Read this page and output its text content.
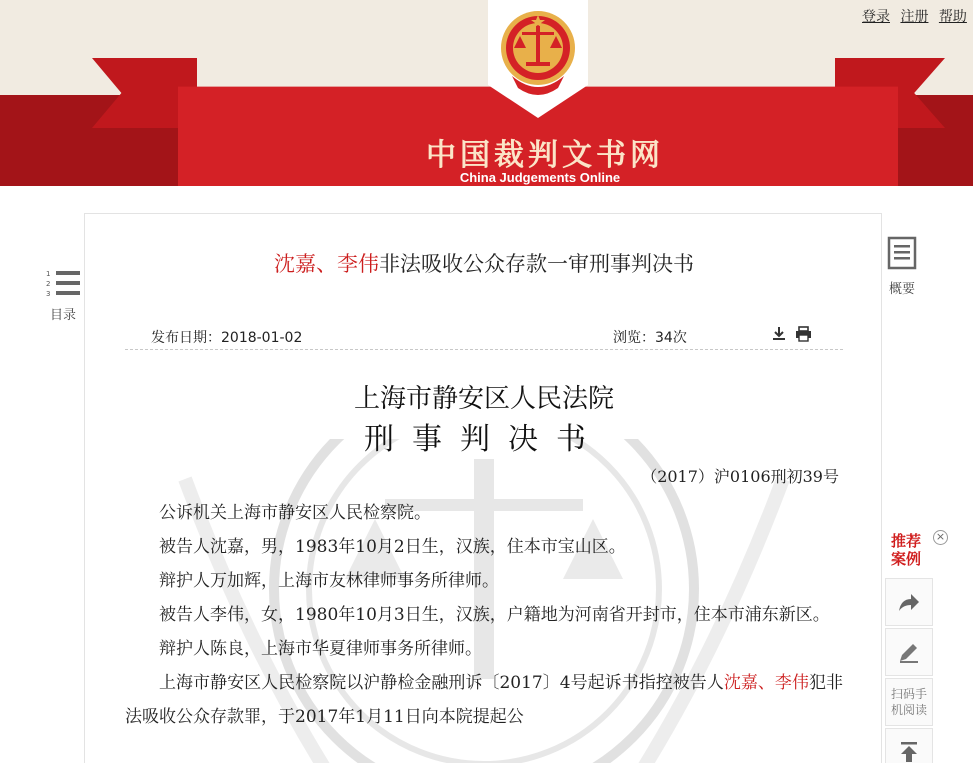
中国裁判文书网
China Judgements Online
登录 注册 帮助
1
2
3
目录
沈嘉、李伟非法吸收公众存款一审刑事判决书
发布日期：2018-01-02	浏览：34次
上海市静安区人民法院
刑事判决书
（2017）沪0106刑初39号

公诉机关上海市静安区人民检察院。

被告人沈嘉，男，1983年10月2日生，汉族，住本市宝山区。

辩护人万加辉，上海市友林律师事务所律师。

被告人李伟，女，1980年10月3日生，汉族，户籍地为河南省开封市，住本市浦东新区。

辩护人陈良，上海市华夏律师事务所律师。

上海市静安区人民检察院以沪静检金融刑诉〔2017〕4号起诉书指控被告人沈嘉、李伟犯非法吸收公众存款罪，于2017年1月11日向本院提起公

概要
推荐案例
×
扫码手机阅读
